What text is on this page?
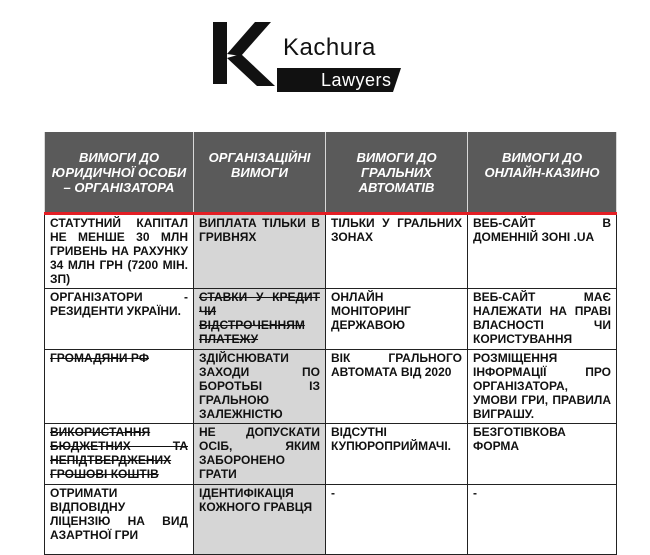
Kachura
Lawyers
ВИМОГИ ДО ЮРИДИЧНОЇ ОСОБИ – ОРГАНІЗАТОРА	ОРГАНІЗАЦІЙНІ ВИМОГИ	ВИМОГИ ДО ГРАЛЬНИХ АВТОМАТІВ	ВИМОГИ ДО ОНЛАЙН-КАЗИНО

СТАТУТНИЙ КАПІТАЛ НЕ МЕНШЕ 30 МЛН ГРИВЕНЬ НА РАХУНКУ 34 МЛН ГРН (7200 МІН. ЗП)	ВИПЛАТА ТІЛЬКИ В ГРИВНЯХ	ТІЛЬКИ У ГРАЛЬНИХ ЗОНАХ	ВЕБ-САЙТ В ДОМЕННІЙ ЗОНІ .UA
ОРГАНІЗАТОРИ - РЕЗИДЕНТИ УКРАЇНИ.	СТАВКИ У КРЕДИТ ЧИ ВІДСТРОЧЕННЯМ ПЛАТЕЖУ	ОНЛАЙН МОНІТОРИНГ ДЕРЖАВОЮ	ВЕБ-САЙТ МАЄ НАЛЕЖАТИ НА ПРАВІ ВЛАСНОСТІ ЧИ КОРИСТУВАННЯ
ГРОМАДЯНИ РФ	ЗДІЙСНЮВАТИ ЗАХОДИ ПО БОРОТЬБІ ІЗ ГРАЛЬНОЮ ЗАЛЕЖНІСТЮ	ВІК ГРАЛЬНОГО АВТОМАТА ВІД 2020	РОЗМІЩЕННЯ ІНФОРМАЦІЇ ПРО ОРГАНІЗАТОРА, УМОВИ ГРИ, ПРАВИЛА ВИГРАШУ.
ВИКОРИСТАННЯ БЮДЖЕТНИХ ТА НЕПІДТВЕРДЖЕНИХ ГРОШОВІ КОШТІВ	НЕ ДОПУСКАТИ ОСІБ, ЯКИМ ЗАБОРОНЕНО ГРАТИ	ВІДСУТНІ КУПЮРОПРИЙМАЧІ.	БЕЗГОТІВКОВА ФОРМА
ОТРИМАТИ ВІДПОВІДНУ ЛІЦЕНЗІЮ НА ВИД АЗАРТНОЇ ГРИ	ІДЕНТИФІКАЦІЯ КОЖНОГО ГРАВЦЯ	-	-
